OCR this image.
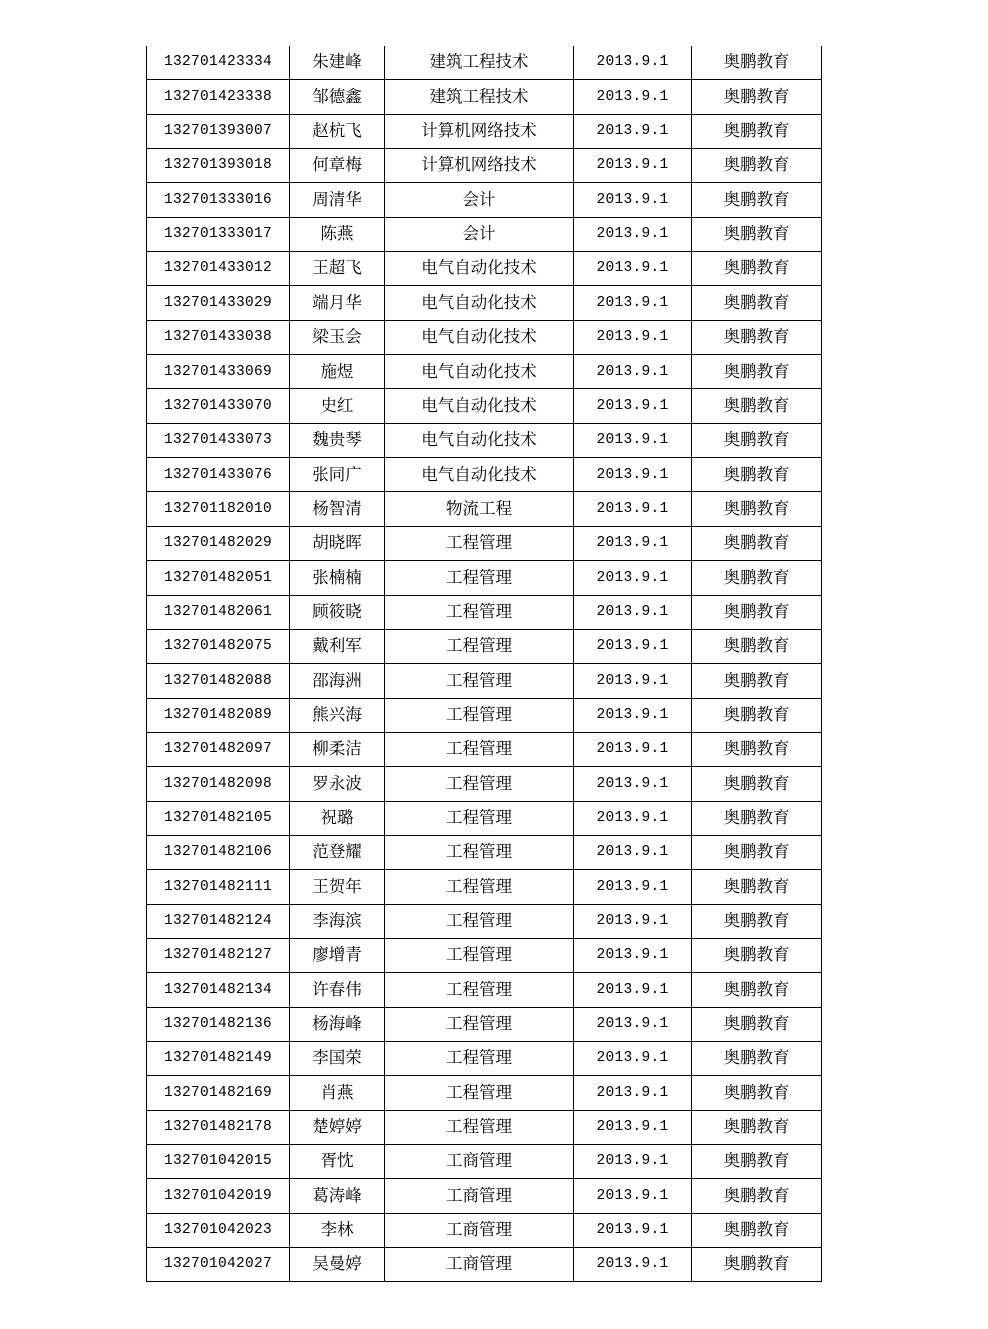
132701423334	朱建峰	建筑工程技术	2013.9.1	奥鹏教育
132701423338	邹德鑫	建筑工程技术	2013.9.1	奥鹏教育
132701393007	赵杭飞	计算机网络技术	2013.9.1	奥鹏教育
132701393018	何章梅	计算机网络技术	2013.9.1	奥鹏教育
132701333016	周清华	会计	2013.9.1	奥鹏教育
132701333017	陈燕	会计	2013.9.1	奥鹏教育
132701433012	王超飞	电气自动化技术	2013.9.1	奥鹏教育
132701433029	端月华	电气自动化技术	2013.9.1	奥鹏教育
132701433038	梁玉会	电气自动化技术	2013.9.1	奥鹏教育
132701433069	施煜	电气自动化技术	2013.9.1	奥鹏教育
132701433070	史红	电气自动化技术	2013.9.1	奥鹏教育
132701433073	魏贵琴	电气自动化技术	2013.9.1	奥鹏教育
132701433076	张同广	电气自动化技术	2013.9.1	奥鹏教育
132701182010	杨智清	物流工程	2013.9.1	奥鹏教育
132701482029	胡晓晖	工程管理	2013.9.1	奥鹏教育
132701482051	张楠楠	工程管理	2013.9.1	奥鹏教育
132701482061	顾筱晓	工程管理	2013.9.1	奥鹏教育
132701482075	戴利军	工程管理	2013.9.1	奥鹏教育
132701482088	邵海洲	工程管理	2013.9.1	奥鹏教育
132701482089	熊兴海	工程管理	2013.9.1	奥鹏教育
132701482097	柳柔洁	工程管理	2013.9.1	奥鹏教育
132701482098	罗永波	工程管理	2013.9.1	奥鹏教育
132701482105	祝璐	工程管理	2013.9.1	奥鹏教育
132701482106	范登耀	工程管理	2013.9.1	奥鹏教育
132701482111	王贺年	工程管理	2013.9.1	奥鹏教育
132701482124	李海滨	工程管理	2013.9.1	奥鹏教育
132701482127	廖增青	工程管理	2013.9.1	奥鹏教育
132701482134	许春伟	工程管理	2013.9.1	奥鹏教育
132701482136	杨海峰	工程管理	2013.9.1	奥鹏教育
132701482149	李国荣	工程管理	2013.9.1	奥鹏教育
132701482169	肖燕	工程管理	2013.9.1	奥鹏教育
132701482178	楚婷婷	工程管理	2013.9.1	奥鹏教育
132701042015	胥忱	工商管理	2013.9.1	奥鹏教育
132701042019	葛涛峰	工商管理	2013.9.1	奥鹏教育
132701042023	李林	工商管理	2013.9.1	奥鹏教育
132701042027	吴曼婷	工商管理	2013.9.1	奥鹏教育
